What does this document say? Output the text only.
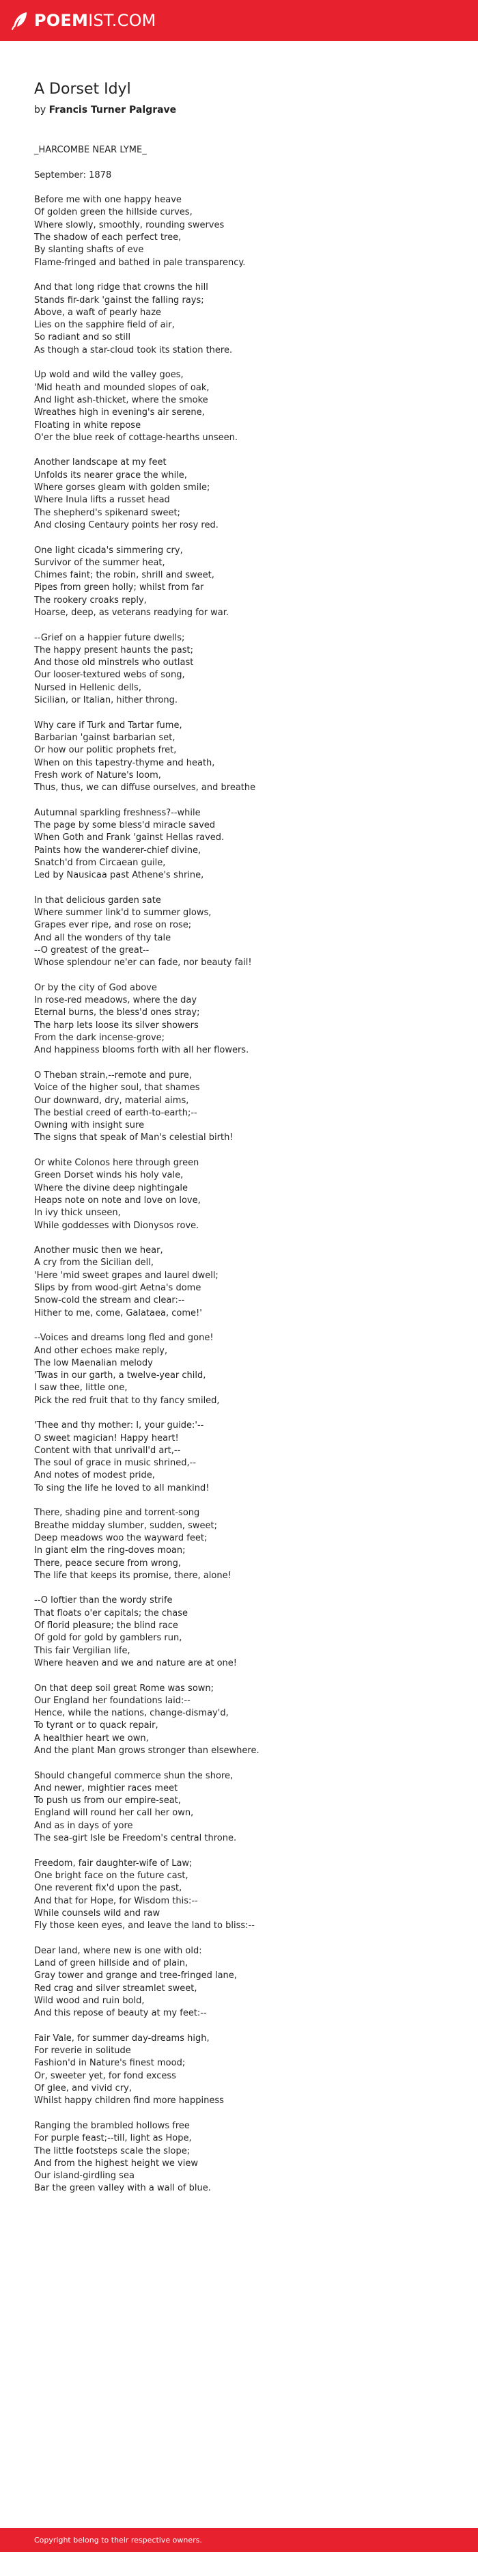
POEMIST.COM
A Dorset Idyl
by Francis Turner Palgrave
_HARCOMBE NEAR LYME_
September: 1878
Before me with one happy heave
Of golden green the hillside curves,
Where slowly, smoothly, rounding swerves
The shadow of each perfect tree,
By slanting shafts of eve
Flame-fringed and bathed in pale transparency.
And that long ridge that crowns the hill
Stands fir-dark 'gainst the falling rays;
Above, a waft of pearly haze
Lies on the sapphire field of air,
So radiant and so still
As though a star-cloud took its station there.
Up wold and wild the valley goes,
'Mid heath and mounded slopes of oak,
And light ash-thicket, where the smoke
Wreathes high in evening's air serene,
Floating in white repose
O'er the blue reek of cottage-hearths unseen.
Another landscape at my feet
Unfolds its nearer grace the while,
Where gorses gleam with golden smile;
Where Inula lifts a russet head
The shepherd's spikenard sweet;
And closing Centaury points her rosy red.
One light cicada's simmering cry,
Survivor of the summer heat,
Chimes faint; the robin, shrill and sweet,
Pipes from green holly; whilst from far
The rookery croaks reply,
Hoarse, deep, as veterans readying for war.
--Grief on a happier future dwells;
The happy present haunts the past;
And those old minstrels who outlast
Our looser-textured webs of song,
Nursed in Hellenic dells,
Sicilian, or Italian, hither throng.
Why care if Turk and Tartar fume,
Barbarian 'gainst barbarian set,
Or how our politic prophets fret,
When on this tapestry-thyme and heath,
Fresh work of Nature's loom,
Thus, thus, we can diffuse ourselves, and breathe
Autumnal sparkling freshness?--while
The page by some bless'd miracle saved
When Goth and Frank 'gainst Hellas raved.
Paints how the wanderer-chief divine,
Snatch'd from Circaean guile,
Led by Nausicaa past Athene's shrine,
In that delicious garden sate
Where summer link'd to summer glows,
Grapes ever ripe, and rose on rose;
And all the wonders of thy tale
--O greatest of the great--
Whose splendour ne'er can fade, nor beauty fail!
Or by the city of God above
In rose-red meadows, where the day
Eternal burns, the bless'd ones stray;
The harp lets loose its silver showers
From the dark incense-grove;
And happiness blooms forth with all her flowers.
O Theban strain,--remote and pure,
Voice of the higher soul, that shames
Our downward, dry, material aims,
The bestial creed of earth-to-earth;--
Owning with insight sure
The signs that speak of Man's celestial birth!
Or white Colonos here through green
Green Dorset winds his holy vale,
Where the divine deep nightingale
Heaps note on note and love on love,
In ivy thick unseen,
While goddesses with Dionysos rove.
Another music then we hear,
A cry from the Sicilian dell,
'Here 'mid sweet grapes and laurel dwell;
Slips by from wood-girt Aetna's dome
Snow-cold the stream and clear:--
Hither to me, come, Galataea, come!'
--Voices and dreams long fled and gone!
And other echoes make reply,
The low Maenalian melody
'Twas in our garth, a twelve-year child,
I saw thee, little one,
Pick the red fruit that to thy fancy smiled,
'Thee and thy mother: I, your guide:'--
O sweet magician! Happy heart!
Content with that unrivall'd art,--
The soul of grace in music shrined,--
And notes of modest pride,
To sing the life he loved to all mankind!
There, shading pine and torrent-song
Breathe midday slumber, sudden, sweet;
Deep meadows woo the wayward feet;
In giant elm the ring-doves moan;
There, peace secure from wrong,
The life that keeps its promise, there, alone!
--O loftier than the wordy strife
That floats o'er capitals; the chase
Of florid pleasure; the blind race
Of gold for gold by gamblers run,
This fair Vergilian life,
Where heaven and we and nature are at one!
On that deep soil great Rome was sown;
Our England her foundations laid:--
Hence, while the nations, change-dismay'd,
To tyrant or to quack repair,
A healthier heart we own,
And the plant Man grows stronger than elsewhere.
Should changeful commerce shun the shore,
And newer, mightier races meet
To push us from our empire-seat,
England will round her call her own,
And as in days of yore
The sea-girt Isle be Freedom's central throne.
Freedom, fair daughter-wife of Law;
One bright face on the future cast,
One reverent fix'd upon the past,
And that for Hope, for Wisdom this:--
While counsels wild and raw
Fly those keen eyes, and leave the land to bliss:--
Dear land, where new is one with old:
Land of green hillside and of plain,
Gray tower and grange and tree-fringed lane,
Red crag and silver streamlet sweet,
Wild wood and ruin bold,
And this repose of beauty at my feet:--
Fair Vale, for summer day-dreams high,
For reverie in solitude
Fashion'd in Nature's finest mood;
Or, sweeter yet, for fond excess
Of glee, and vivid cry,
Whilst happy children find more happiness
Ranging the brambled hollows free
For purple feast;--till, light as Hope,
The little footsteps scale the slope;
And from the highest height we view
Our island-girdling sea
Bar the green valley with a wall of blue.
Copyright belong to their respective owners.
